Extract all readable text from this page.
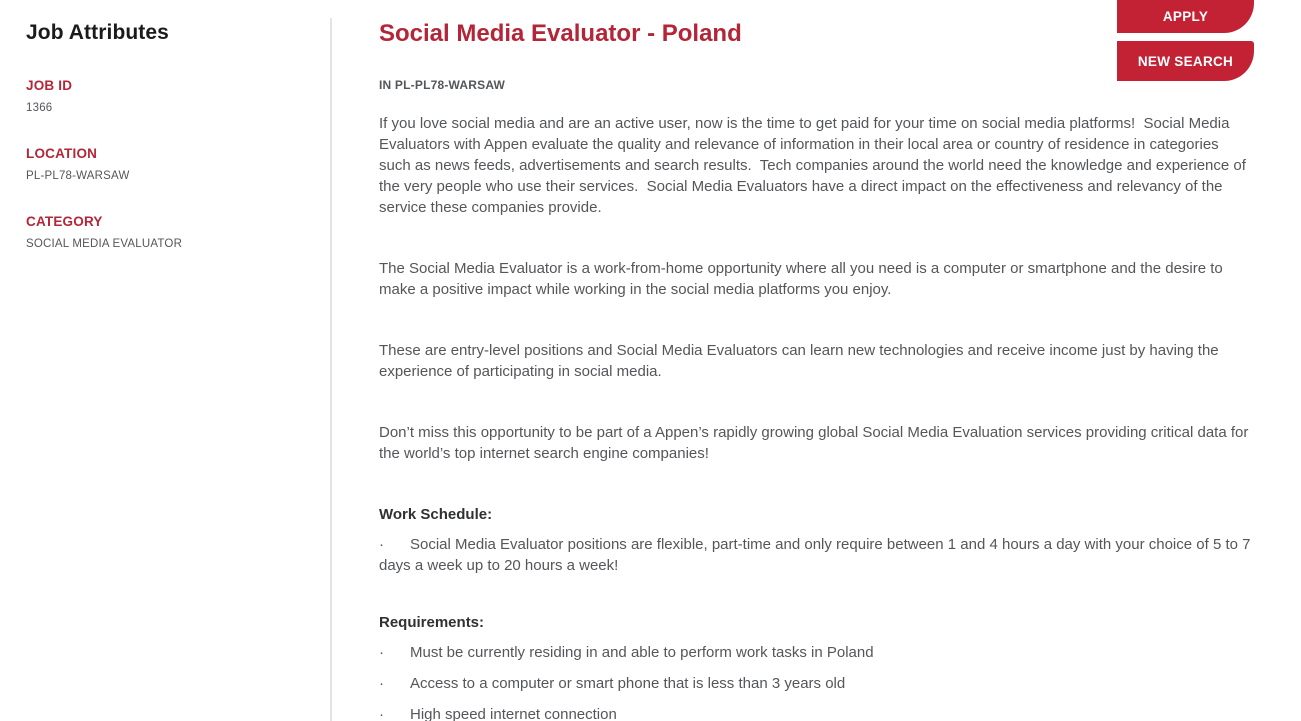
Job Attributes
JOB ID
1366
LOCATION
PL-PL78-WARSAW
CATEGORY
SOCIAL MEDIA EVALUATOR
Social Media Evaluator - Poland
IN PL-PL78-WARSAW

If you love social media and are an active user, now is the time to get paid for your time on social media platforms!  Social Media Evaluators with Appen evaluate the quality and relevance of information in their local area or country of residence in categories such as news feeds, advertisements and search results.  Tech companies around the world need the knowledge and experience of the very people who use their services.  Social Media Evaluators have a direct impact on the effectiveness and relevancy of the service these companies provide.

The Social Media Evaluator is a work-from-home opportunity where all you need is a computer or smartphone and the desire to make a positive impact while working in the social media platforms you enjoy.

These are entry-level positions and Social Media Evaluators can learn new technologies and receive income just by having the experience of participating in social media.

Don’t miss this opportunity to be part of a Appen’s rapidly growing global Social Media Evaluation services providing critical data for the world’s top internet search engine companies!

Work Schedule:

· Social Media Evaluator positions are flexible, part-time and only require between 1 and 4 hours a day with your choice of 5 to 7 days a week up to 20 hours a week!

Requirements:

· Must be currently residing in and able to perform work tasks in Poland

· Access to a computer or smart phone that is less than 3 years old

· High speed internet connection

APPLY
NEW SEARCH
